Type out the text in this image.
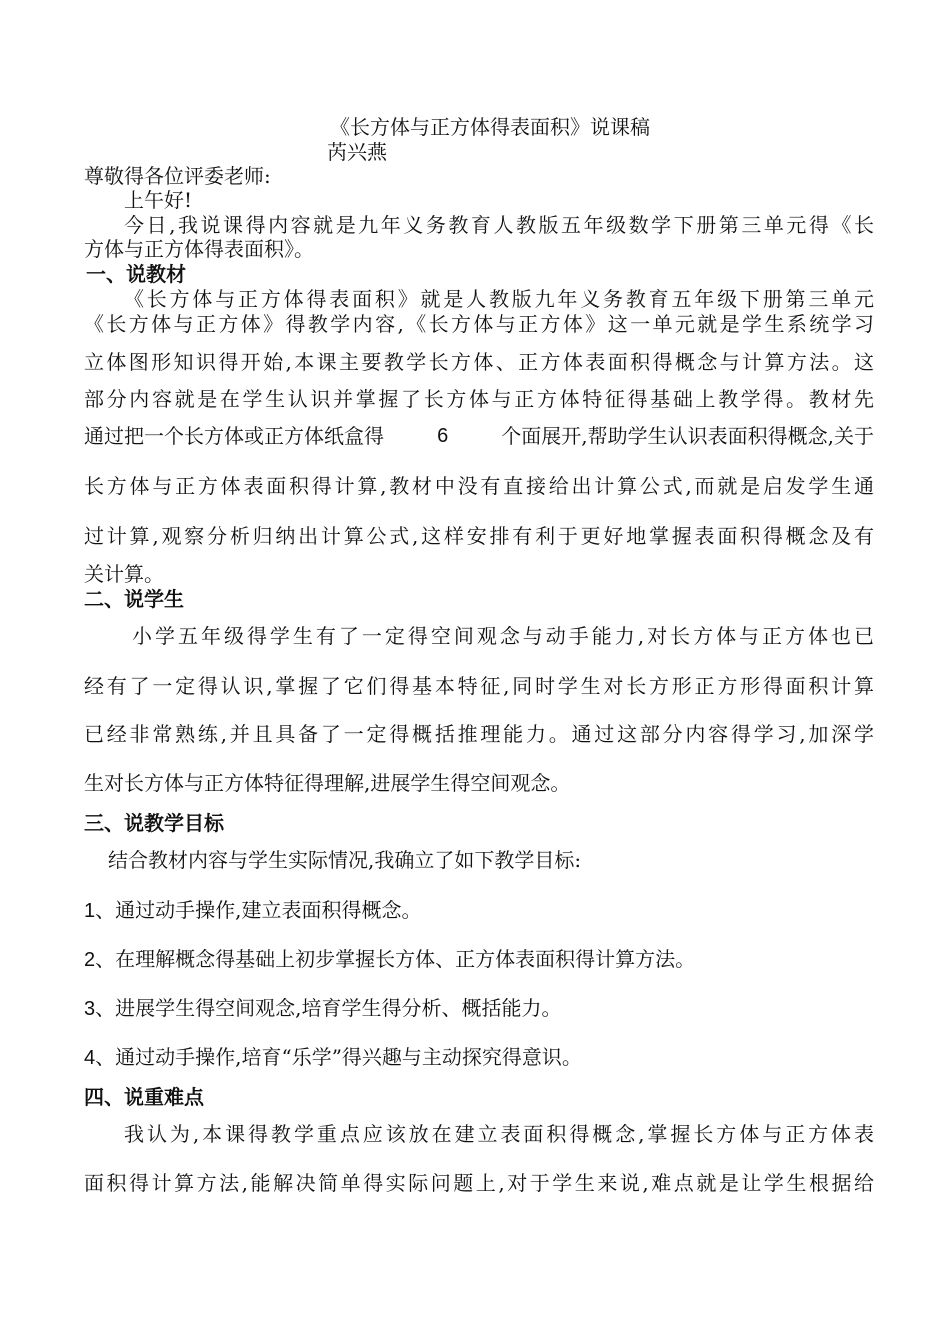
《长方体与正方体得表面积》说课稿
芮兴燕
尊敬得各位评委老师:
上午好!
今日,我说课得内容就是九年义务教育人教版五年级数学下册第三单元得《长
方体与正方体得表面积》。
一、说教材
《长方体与正方体得表面积》就是人教版九年义务教育五年级下册第三单元
《长方体与正方体》得教学内容,《长方体与正方体》这一单元就是学生系统学习
立体图形知识得开始,本课主要教学长方体、正方体表面积得概念与计算方法。这
部分内容就是在学生认识并掌握了长方体与正方体特征得基础上教学得。教材先
通过把一个长方体或正方体纸盒得	6	个面展开,帮助学生认识表面积得概念,关于
长方体与正方体表面积得计算,教材中没有直接给出计算公式,而就是启发学生通
过计算,观察分析归纳出计算公式,这样安排有利于更好地掌握表面积得概念及有
关计算。
二、说学生
小学五年级得学生有了一定得空间观念与动手能力,对长方体与正方体也已
经有了一定得认识,掌握了它们得基本特征,同时学生对长方形正方形得面积计算
已经非常熟练,并且具备了一定得概括推理能力。通过这部分内容得学习,加深学
生对长方体与正方体特征得理解,进展学生得空间观念。
三、说教学目标
结合教材内容与学生实际情况,我确立了如下教学目标:
1、通过动手操作,建立表面积得概念。
2、在理解概念得基础上初步掌握长方体、正方体表面积得计算方法。
3、进展学生得空间观念,培育学生得分析、概括能力。
4、通过动手操作,培育“乐学”得兴趣与主动探究得意识。
四、说重难点
我认为,本课得教学重点应该放在建立表面积得概念,掌握长方体与正方体表
面积得计算方法,能解决简单得实际问题上,对于学生来说,难点就是让学生根据给
